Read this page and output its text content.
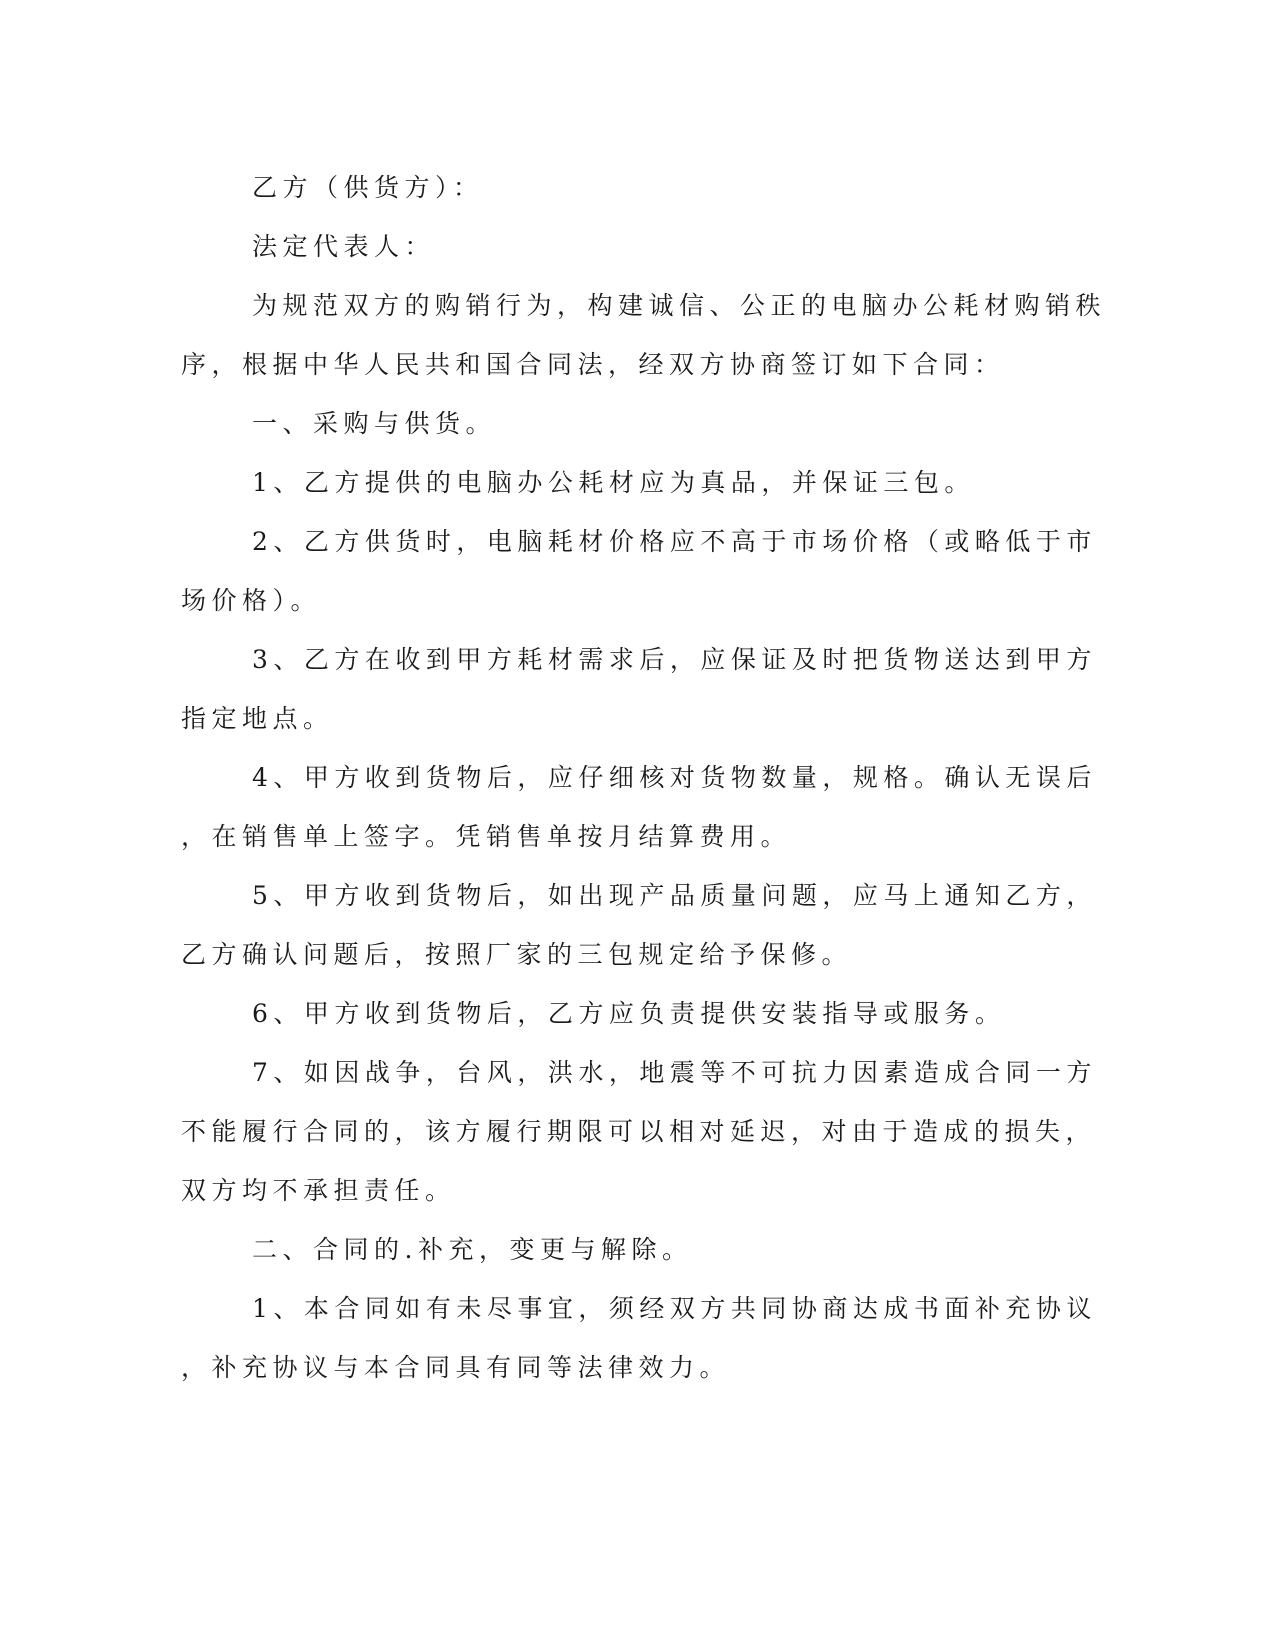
乙方（供货方）：

法定代表人：

为规范双方的购销行为，构建诚信、公正的电脑办公耗材购销秩
序，根据中华人民共和国合同法，经双方协商签订如下合同：

一、采购与供货。

1、乙方提供的电脑办公耗材应为真品，并保证三包。

2、乙方供货时，电脑耗材价格应不高于市场价格（或略低于市
场价格）。

3、乙方在收到甲方耗材需求后，应保证及时把货物送达到甲方
指定地点。

4、甲方收到货物后，应仔细核对货物数量，规格。确认无误后
，在销售单上签字。凭销售单按月结算费用。

5、甲方收到货物后，如出现产品质量问题，应马上通知乙方，
乙方确认问题后，按照厂家的三包规定给予保修。

6、甲方收到货物后，乙方应负责提供安装指导或服务。

7、如因战争，台风，洪水，地震等不可抗力因素造成合同一方
不能履行合同的，该方履行期限可以相对延迟，对由于造成的损失，
双方均不承担责任。

二、合同的.补充，变更与解除。

1、本合同如有未尽事宜，须经双方共同协商达成书面补充协议
，补充协议与本合同具有同等法律效力。
